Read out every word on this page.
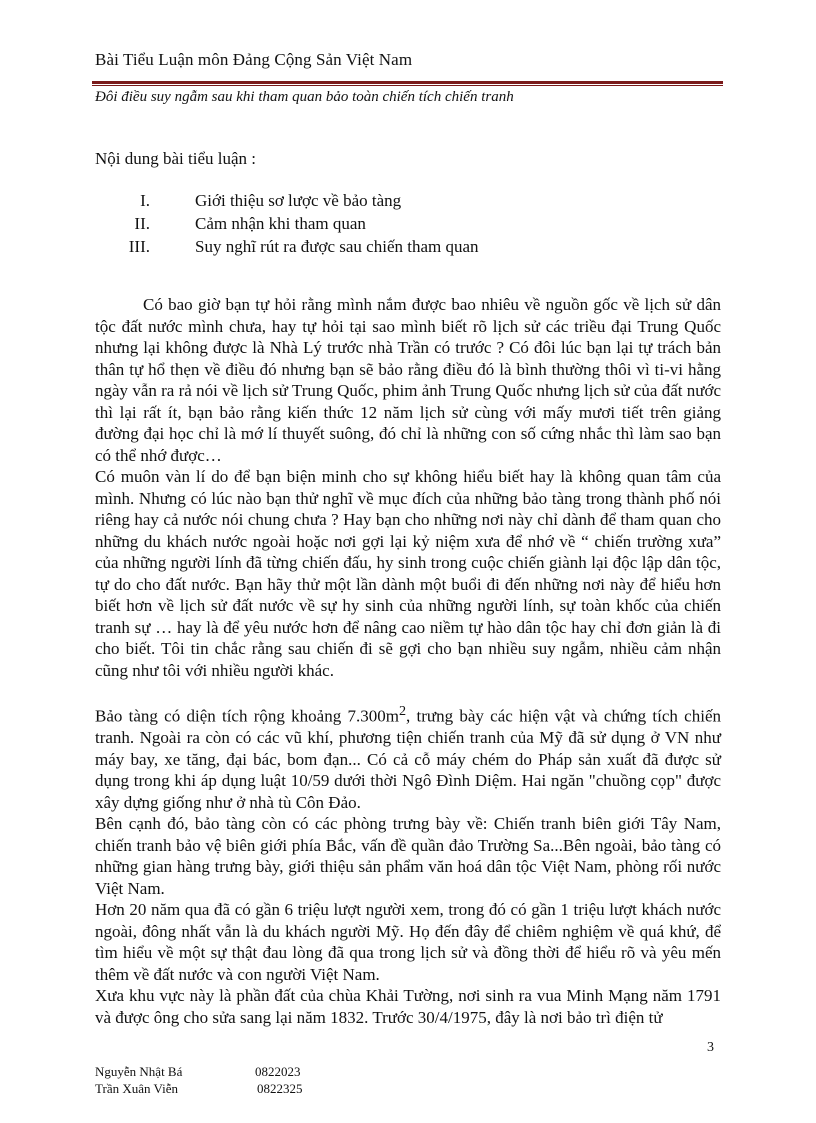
Bài Tiểu Luận môn Đảng Cộng Sản Việt Nam
Đôi điều suy ngẫm sau khi tham quan bảo toàn chiến tích chiến tranh
Nội dung bài tiểu luận :
I.	Giới thiệu sơ lược về bảo tàng
II.	Cảm nhận khi tham quan
III.	Suy nghĩ rút ra được sau chiến tham quan

Có bao giờ bạn tự hỏi rằng mình nắm được bao nhiêu về nguồn gốc về lịch sử dân tộc đất nước mình chưa, hay tự hỏi tại sao mình biết rõ lịch sử các triều đại Trung Quốc nhưng lại không được là Nhà Lý trước nhà Trần có trước ? Có đôi lúc bạn lại tự trách bản thân tự hổ thẹn về điều đó nhưng bạn sẽ bảo rằng điều đó là bình thường thôi vì ti-vi hằng ngày vẫn ra rả nói về lịch sử Trung Quốc, phim ảnh Trung Quốc nhưng lịch sử của đất nước thì lại rất ít, bạn bảo rằng kiến thức 12 năm lịch sử cùng với mấy mươi tiết trên giảng đường đại học chỉ là mớ lí thuyết suông, đó chỉ là những con số cứng nhắc thì làm sao bạn có thể nhớ được…

Có muôn vàn lí do để bạn biện minh cho sự không hiểu biết hay là không quan tâm của mình. Nhưng có lúc nào bạn thử nghĩ về mục đích của những bảo tàng trong thành phố nói riêng hay cả nước nói chung chưa ? Hay bạn cho những nơi này chỉ dành để tham quan cho những du khách nước ngoài hoặc nơi gợi lại kỷ niệm xưa để nhớ về “ chiến trường xưa” của những người lính đã từng chiến đấu, hy sinh trong cuộc chiến giành lại độc lập dân tộc, tự do cho đất nước. Bạn hãy thử một lần dành một buổi đi đến những nơi này để hiểu hơn biết hơn về lịch sử đất nước về sự hy sinh của những người lính, sự toàn khốc của chiến tranh sự … hay là để yêu nước hơn để nâng cao niềm tự hào dân tộc hay chỉ đơn giản là đi cho biết. Tôi tin chắc rằng sau chiến đi sẽ gợi cho bạn nhiều suy ngẫm, nhiều cảm nhận cũng như tôi với nhiều người khác.

Bảo tàng có diện tích rộng khoảng $7.300m^2$, trưng bày các hiện vật và chứng tích chiến tranh. Ngoài ra còn có các vũ khí, phương tiện chiến tranh của Mỹ đã sử dụng ở VN như máy bay, xe tăng, đại bác, bom đạn... Có cả cỗ máy chém do Pháp sản xuất đã được sử dụng trong khi áp dụng luật 10/59 dưới thời Ngô Đình Diệm. Hai ngăn "chuồng cọp" được xây dựng giống như ở nhà tù Côn Đảo.

Bên cạnh đó, bảo tàng còn có các phòng trưng bày về: Chiến tranh biên giới Tây Nam, chiến tranh bảo vệ biên giới phía Bắc, vấn đề quần đảo Trường Sa...Bên ngoài, bảo tàng có những gian hàng trưng bày, giới thiệu sản phẩm văn hoá dân tộc Việt Nam, phòng rối nước Việt Nam.

Hơn 20 năm qua đã có gần 6 triệu lượt người xem, trong đó có gần 1 triệu lượt khách nước ngoài, đông nhất vẫn là du khách người Mỹ. Họ đến đây để chiêm nghiệm về quá khứ, để tìm hiểu về một sự thật đau lòng đã qua trong lịch sử và đồng thời để hiểu rõ và yêu mến thêm về đất nước và con người Việt Nam.

Xưa khu vực này là phần đất của chùa Khải Tường, nơi sinh ra vua Minh Mạng năm 1791 và được ông cho sửa sang lại năm 1832. Trước 30/4/1975, đây là nơi bảo trì điện tử

3
Nguyễn Nhật Bá	0822023
Trần Xuân Viễn	0822325
